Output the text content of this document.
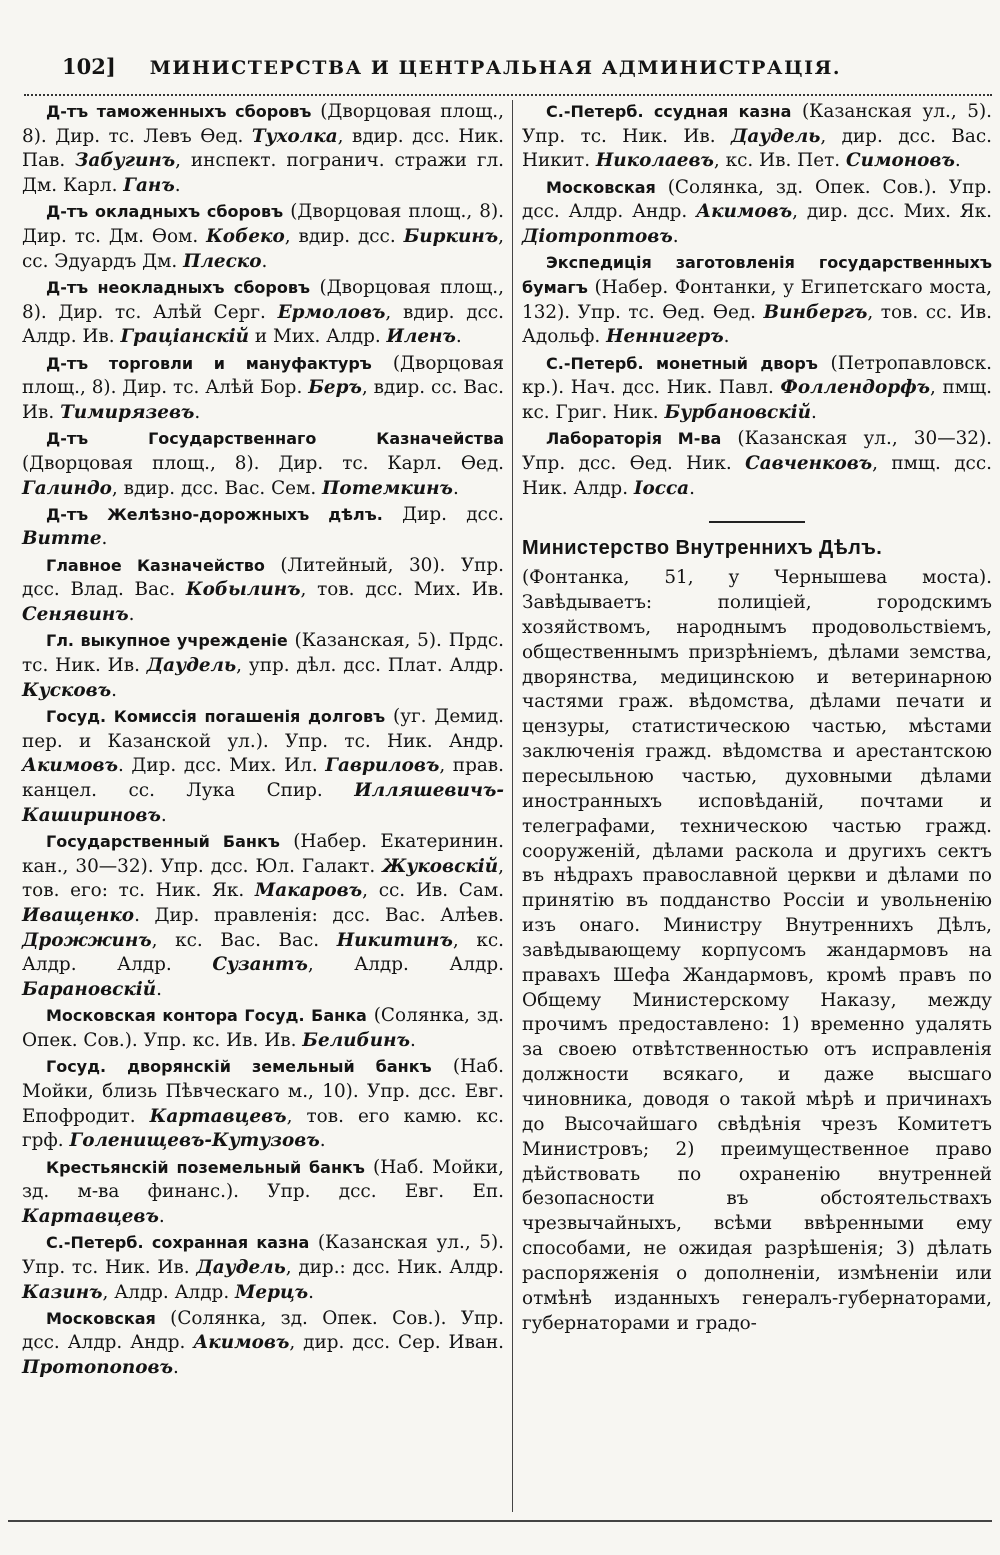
102] МИНИСТЕРСТВА И ЦЕНТРАЛЬНАЯ АДМИНИСТРАЦІЯ.

Д-тъ таможенныхъ сборовъ (Дворцовая площ., 8). Дир. тс. Левъ Ѳед. Тухолка, вдир. дсс. Ник. Пав. Забугинъ, инспект. погранич. стражи гл. Дм. Карл. Ганъ.

Д-тъ окладныхъ сборовъ (Дворцовая площ., 8). Дир. тс. Дм. Ѳом. Кобеко, вдир. дсс. Биркинъ, сс. Эдуардъ Дм. Плеско.

Д-тъ неокладныхъ сборовъ (Дворцовая площ., 8). Дир. тс. Алѣй Серг. Ермоловъ, вдир. дсс. Алдр. Ив. Граціанскій и Мих. Алдр. Иленъ.

Д-тъ торговли и мануфактуръ (Дворцовая площ., 8). Дир. тс. Алѣй Бор. Беръ, вдир. сс. Вас. Ив. Тимирязевъ.

Д-тъ Государственнаго Казначейства (Дворцовая площ., 8). Дир. тс. Карл. Ѳед. Галиндо, вдир. дсс. Вас. Сем. Потемкинъ.

Д-тъ Желѣзно-дорожныхъ дѣлъ. Дир. дсс. Витте.

Главное Казначейство (Литейный, 30). Упр. дсс. Влад. Вас. Кобылинъ, тов. дсс. Мих. Ив. Сенявинъ.

Гл. выкупное учрежденіе (Казанская, 5). Прдс. тс. Ник. Ив. Даудель, упр. дѣл. дсс. Плат. Алдр. Кусковъ.

Госуд. Комиссія погашенія долговъ (уг. Демид. пер. и Казанской ул.). Упр. тс. Ник. Андр. Акимовъ. Дир. дсс. Мих. Ил. Гавриловъ, прав. канцел. сс. Лука Спир. Илляшевичъ-Кашириновъ.

Государственный Банкъ (Набер. Екатеринин. кан., 30—32). Упр. дсс. Юл. Галакт. Жуковскій, тов. его: тс. Ник. Як. Макаровъ, сс. Ив. Сам. Иващенко. Дир. правленія: дсс. Вас. Алѣев. Дрожжинъ, кс. Вас. Вас. Никитинъ, кс. Алдр. Алдр. Сузантъ, Алдр. Алдр. Барановскій.

Московская контора Госуд. Банка (Солянка, зд. Опек. Сов.). Упр. кс. Ив. Ив. Белибинъ.

Госуд. дворянскій земельный банкъ (Наб. Мойки, близь Пѣвческаго м., 10). Упр. дсс. Евг. Епофродит. Картавцевъ, тов. его камю. кс. грф. Голенищевъ-Кутузовъ.

Крестьянскій поземельный банкъ (Наб. Мойки, зд. м-ва финанс.). Упр. дсс. Евг. Еп. Картавцевъ.

С.-Петерб. сохранная казна (Казанская ул., 5). Упр. тс. Ник. Ив. Даудель, дир.: дсс. Ник. Алдр. Казинъ, Алдр. Алдр. Мерцъ.

Московская (Солянка, зд. Опек. Сов.). Упр. дсс. Алдр. Андр. Акимовъ, дир. дсс. Сер. Иван. Протопоповъ.

С.-Петерб. ссудная казна (Казанская ул., 5). Упр. тс. Ник. Ив. Даудель, дир. дсс. Вас. Никит. Николаевъ, кс. Ив. Пет. Симоновъ.

Московская (Солянка, зд. Опек. Сов.). Упр. дсс. Алдр. Андр. Акимовъ, дир. дсс. Мих. Як. Діотроптовъ.

Экспедиція заготовленія государственныхъ бумагъ (Набер. Фонтанки, у Египетскаго моста, 132). Упр. тс. Ѳед. Ѳед. Винбергъ, тов. сс. Ив. Адольф. Неннигеръ.

С.-Петерб. монетный дворъ (Петропавловск. кр.). Нач. дсс. Ник. Павл. Фоллендорфъ, пмщ. кс. Григ. Ник. Бурбановскій.

Лабораторія М-ва (Казанская ул., 30—32). Упр. дсс. Ѳед. Ник. Савченковъ, пмщ. дсс. Ник. Алдр. Іосса.

Министерство Внутреннихъ Дѣлъ.

(Фонтанка, 51, у Чернышева моста). Завѣдываетъ: полиціей, городскимъ хозяйствомъ, народнымъ продовольствіемъ, общественнымъ призрѣніемъ, дѣлами земства, дворянства, медицинскою и ветеринарною частями граж. вѣдомства, дѣлами печати и цензуры, статистическою частью, мѣстами заключенія гражд. вѣдомства и арестантскою пересыльною частью, духовными дѣлами иностранныхъ исповѣданій, почтами и телеграфами, техническою частью гражд. сооруженій, дѣлами раскола и другихъ сектъ въ нѣдрахъ православной церкви и дѣлами по принятію въ подданство Россіи и увольненію изъ онаго. Министру Внутреннихъ Дѣлъ, завѣдывающему корпусомъ жандармовъ на правахъ Шефа Жандармовъ, кромѣ правъ по Общему Министерскому Наказу, между прочимъ предоставлено: 1) временно удалять за своею отвѣтственностью отъ исправленія должности всякаго, и даже высшаго чиновника, доводя о такой мѣрѣ и причинахъ до Высочайшаго свѣдѣнія чрезъ Комитетъ Министровъ; 2) преимущественное право дѣйствовать по охраненію внутренней безопасности въ обстоятельствахъ чрезвычайныхъ, всѣми ввѣренными ему способами, не ожидая разрѣшенія; 3) дѣлать распоряженія о дополненіи, измѣненіи или отмѣнѣ изданныхъ генералъ-губернаторами, губернаторами и градо-
